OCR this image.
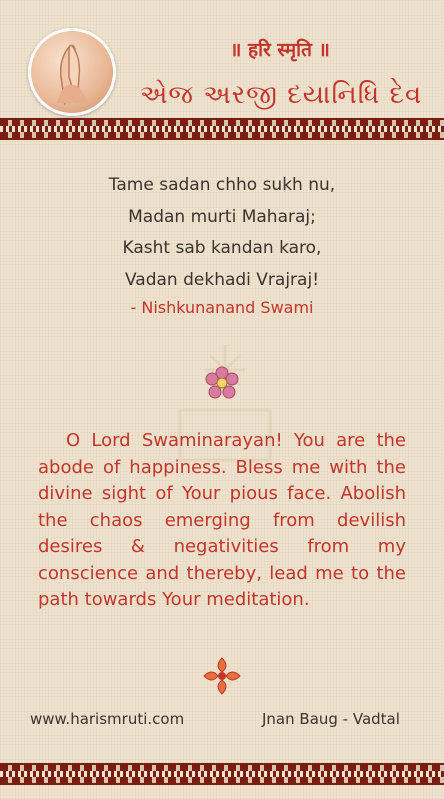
॥ हरि स्मृति ॥
એજ અરજી દયાનિધિ દેવ
Tame sadan chho sukh nu,
Madan murti Maharaj;
Kasht sab kandan karo,
Vadan dekhadi Vrajraj!
- Nishkunanand Swami
O Lord Swaminarayan! You are the abode of happiness. Bless me with the divine sight of Your pious face. Abolish the chaos emerging from devilish desires & negativities from my conscience and thereby, lead me to the path towards Your meditation.
www.harismruti.com	Jnan Baug - Vadtal
